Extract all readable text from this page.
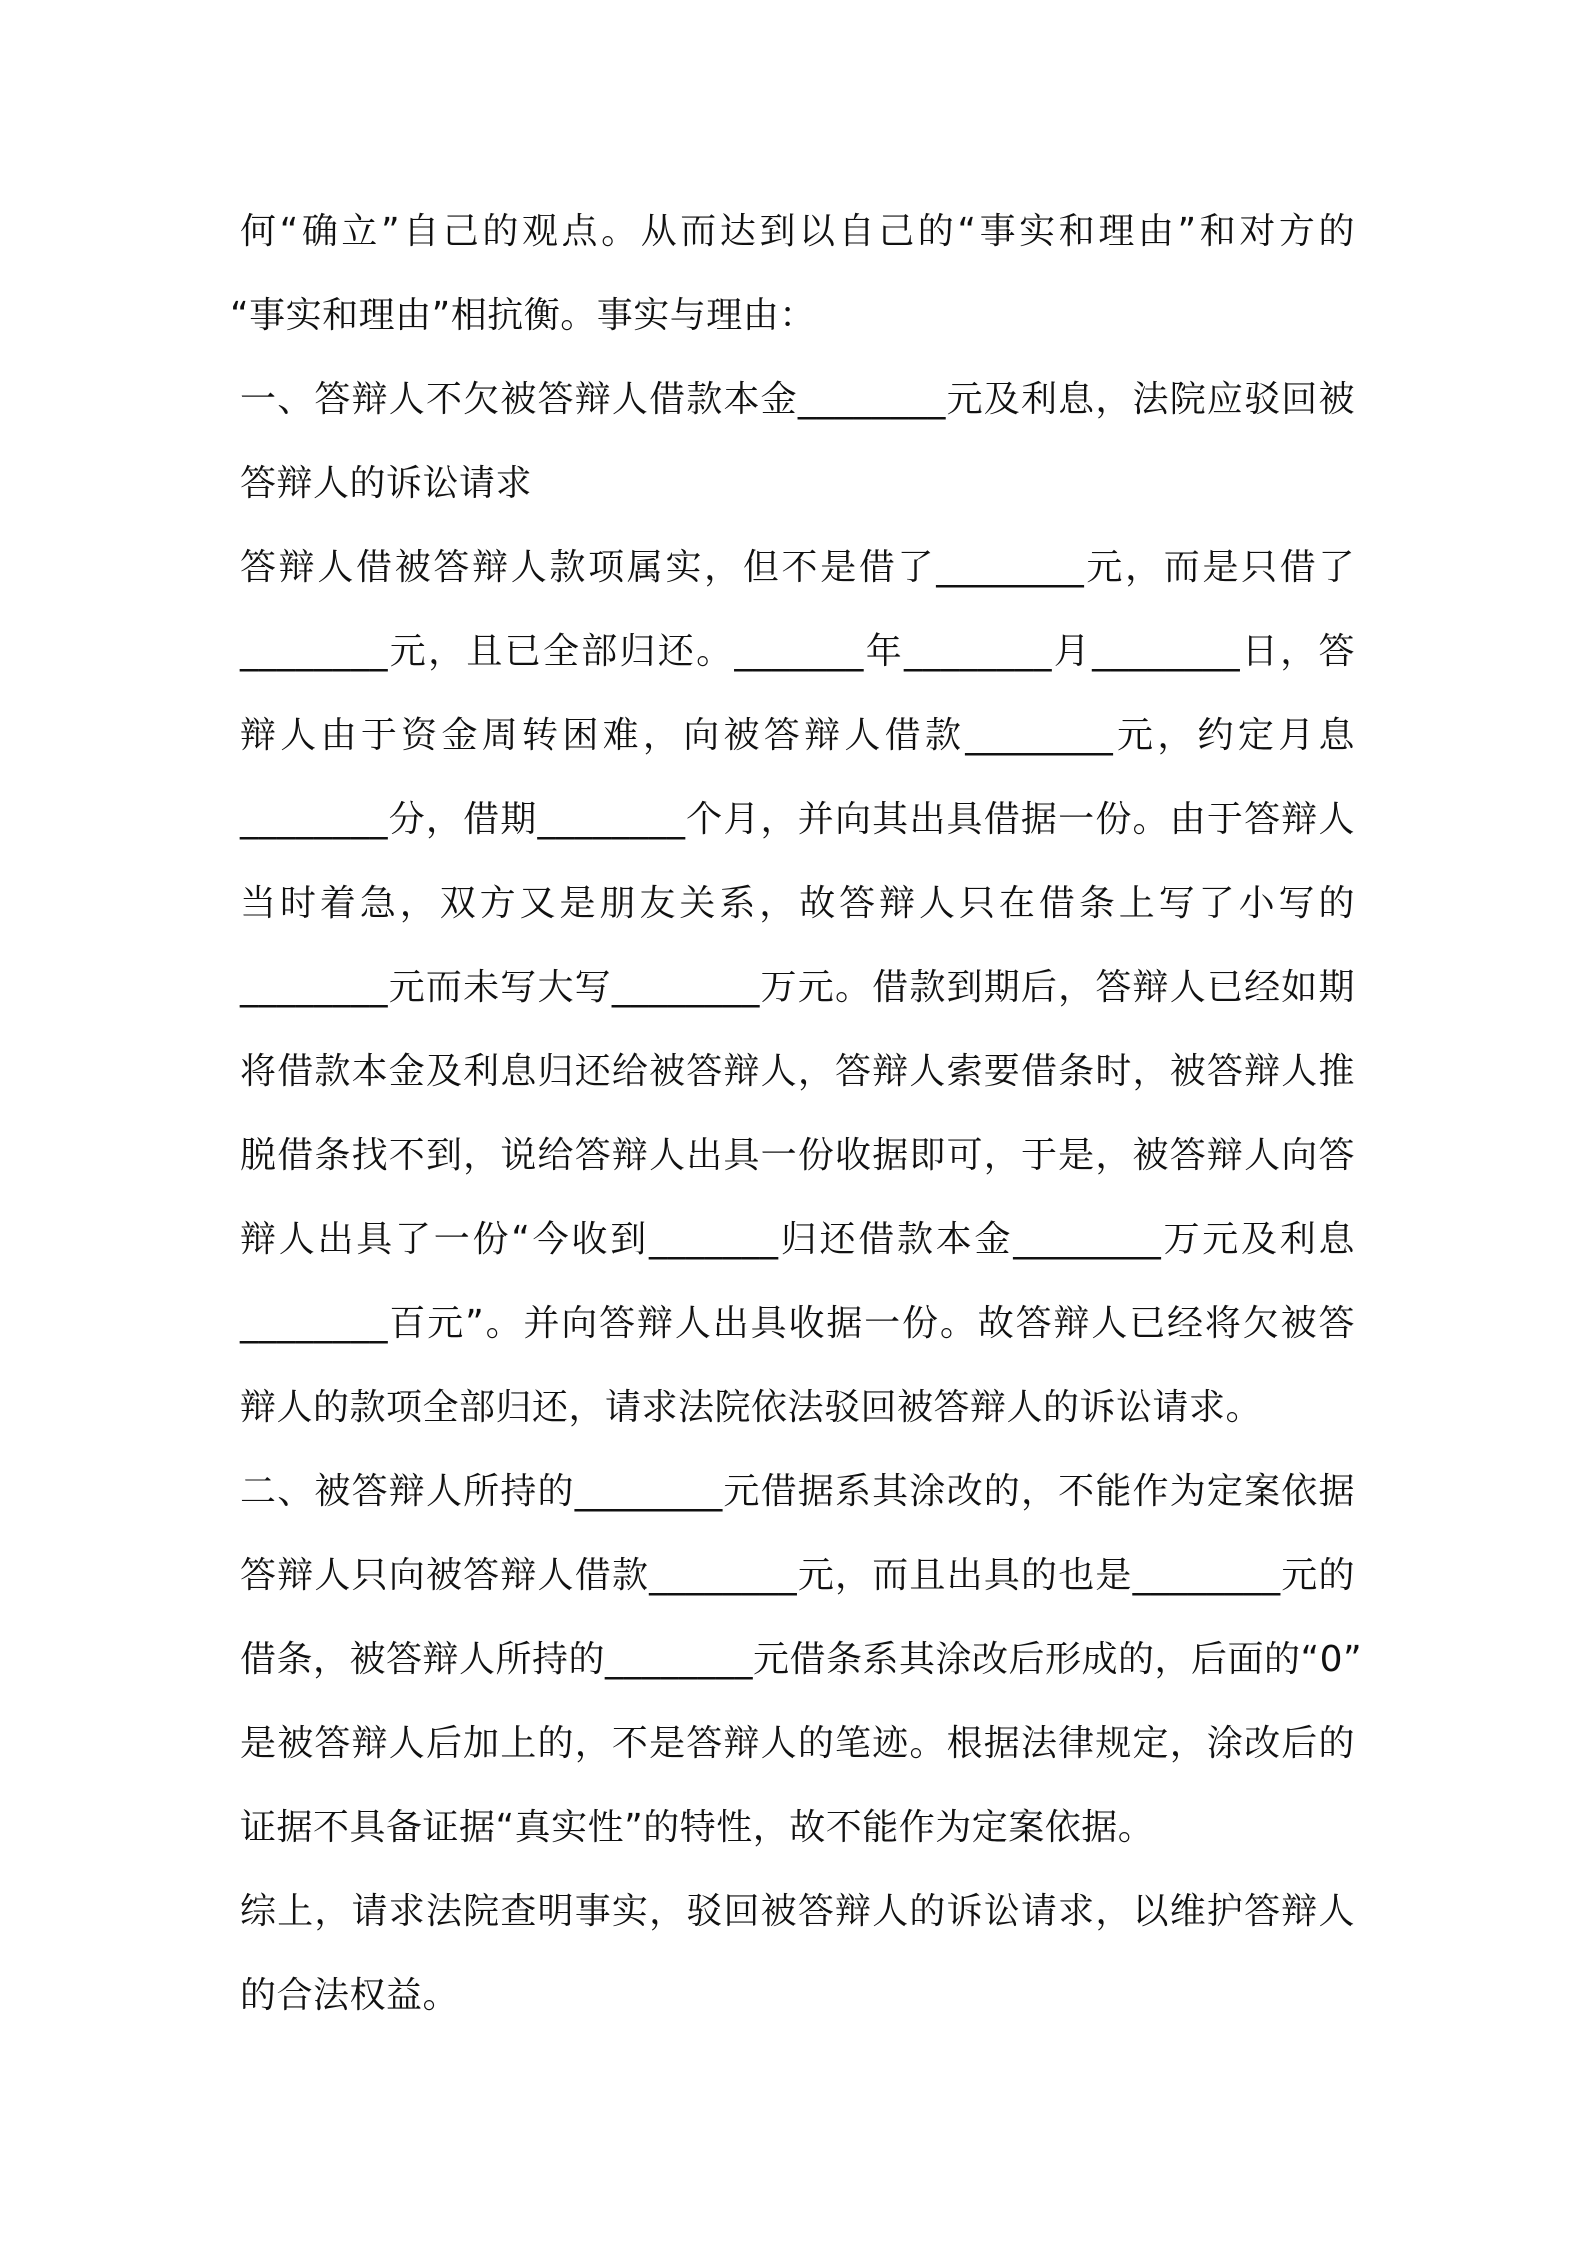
何“确立”自己的观点。从而达到以自己的“事实和理由”和对方的
“事实和理由”相抗衡。事实与理由：
一、答辩人不欠被答辩人借款本金________元及利息，法院应驳回被
答辩人的诉讼请求
答辩人借被答辩人款项属实，但不是借了________元，而是只借了
________元，且已全部归还。_______年________月________日，答
辩人由于资金周转困难，向被答辩人借款________元，约定月息
________分，借期________个月，并向其出具借据一份。由于答辩人
当时着急，双方又是朋友关系，故答辩人只在借条上写了小写的
________元而未写大写________万元。借款到期后，答辩人已经如期
将借款本金及利息归还给被答辩人，答辩人索要借条时，被答辩人推
脱借条找不到，说给答辩人出具一份收据即可，于是，被答辩人向答
辩人出具了一份“今收到_______归还借款本金________万元及利息
________百元”。并向答辩人出具收据一份。故答辩人已经将欠被答
辩人的款项全部归还，请求法院依法驳回被答辩人的诉讼请求。
二、被答辩人所持的________元借据系其涂改的，不能作为定案依据
答辩人只向被答辩人借款________元，而且出具的也是________元的
借条，被答辩人所持的________元借条系其涂改后形成的，后面的“0”
是被答辩人后加上的，不是答辩人的笔迹。根据法律规定，涂改后的
证据不具备证据“真实性”的特性，故不能作为定案依据。
综上，请求法院查明事实，驳回被答辩人的诉讼请求，以维护答辩人
的合法权益。
